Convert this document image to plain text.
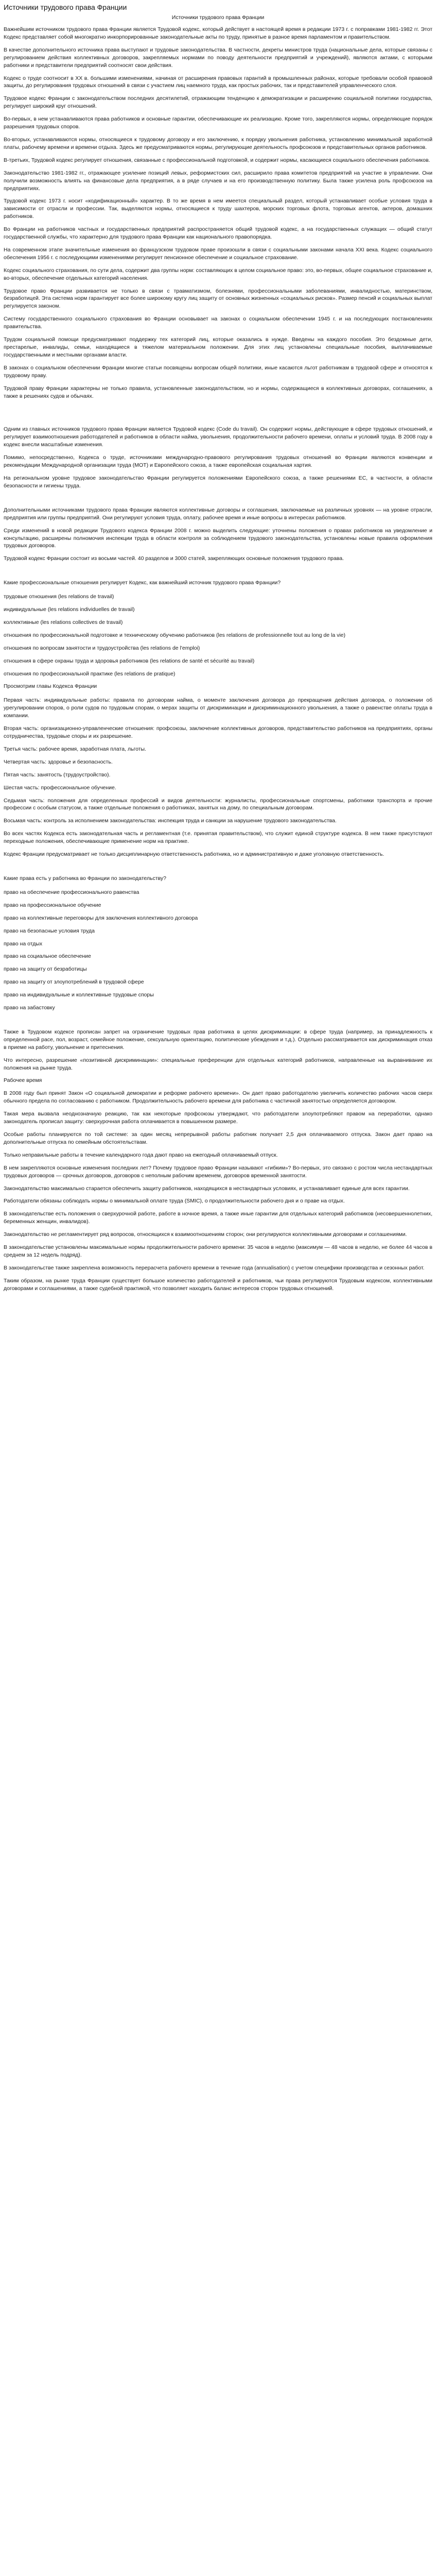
Источники трудового права Франции
Источники трудового права Франции
Важнейшим источником трудового права Франции является Трудовой кодекс, который действует в настоящей время в редакции 1973 г. с поправками 1981-1982 гг. Этот Кодекс представляет собой многократно инкорпорированные законодательные акты по труду, принятые в разное время парламентом и правительством.
В качестве дополнительного источника права выступают и трудовые законодательства. В частности, декреты министров труда (национальные дела, которые связаны с регулированием действия коллективных договоров, закрепляемых нормами по поводу деятельности предприятий и учреждений), являются актами, с которыми работники и представители предприятий соотносят свои действия.
Кодекс о труде соотносит в XX в. большими изменениями, начиная от расширения правовых гарантий в промышленных районах, которые требовали особой правовой защиты, до регулирования трудовых отношений в связи с участием лиц наемного труда, как простых рабочих, так и представителей управленческого слоя.
Трудовое кодекс Франции с законодательством последних десятилетий, отражающим тенденцию к демократизации и расширению социальной политики государства, регулирует широкий круг отношений.
Во-первых, в нем устанавливаются права работников и основные гарантии, обеспечивающие их реализацию. Кроме того, закрепляются нормы, определяющие порядок разрешения трудовых споров.
Во-вторых, устанавливаются нормы, относящиеся к трудовому договору и его заключению, к порядку увольнения работника, установлению минимальной заработной платы, рабочему времени и времени отдыха. Здесь же предусматриваются нормы, регулирующие деятельность профсоюзов и представительных органов работников.
В-третьих, Трудовой кодекс регулирует отношения, связанные с профессиональной подготовкой, и содержит нормы, касающиеся социального обеспечения работников.
Законодательство 1981-1982 гг., отражающее усиление позиций левых, реформистских сил, расширило права комитетов предприятий на участие в управлении. Они получили возможность влиять на финансовые дела предприятия, а в ряде случаев и на его производственную политику. Была также усилена роль профсоюзов на предприятиях.
Трудовой кодекс 1973 г. носит «кодификационный» характер. В то же время в нем имеется специальный раздел, который устанавливает особые условия труда в зависимости от отрасли и профессии. Так, выделяются нормы, относящиеся к труду шахтеров, морских торговых флота, торговых агентов, актеров, домашних работников.
Во Франции на работников частных и государственных предприятий распространяется общий трудовой кодекс, а на государственных служащих — общий статут государственной службы, что характерно для трудового права Франции как национального правопорядка.
На современном этапе значительные изменения во французском трудовом праве произошли в связи с социальными законами начала XXI века. Кодекс социального обеспечения 1956 г. с последующими изменениями регулирует пенсионное обеспечение и социальное страхование.
Кодекс социального страхования, по сути дела, содержит два группы норм: составляющих в целом социальное право: это, во-первых, общее социальное страхование и, во-вторых, обеспечение отдельных категорий населения.
Трудовое право Франции развивается не только в связи с травматизмом, болезнями, профессиональными заболеваниями, инвалидностью, материнством, безработицей. Эта система норм гарантирует все более широкому кругу лиц защиту от основных жизненных «социальных рисков». Размер пенсий и социальных выплат регулируется законом.
Систему государственного социального страхования во Франции основывает на законах о социальном обеспечении 1945 г. и на последующих постановлениях правительства.
Трудом социальной помощи предусматривают поддержку тех категорий лиц, которые оказались в нужде. Введены на каждого пособия. Это бездомные дети, престарелые, инвалиды, семьи, находящиеся в тяжелом материальном положении. Для этих лиц установлены специальные пособия, выплачиваемые государственными и местными органами власти.
В законах о социальном обеспечении Франции многие статьи посвящены вопросам общей политики, иные касаются льгот работникам в трудовой сфере и относятся к трудовому праву.
Трудовой праву Франции характерны не только правила, установленные законодательством, но и нормы, содержащиеся в коллективных договорах, соглашениях, а также в решениях судов и обычаях.
Одним из главных источников трудового права Франции является Трудовой кодекс (Code du travail). Он содержит нормы, действующие в сфере трудовых отношений, и регулирует взаимоотношения работодателей и работников в области найма, увольнения, продолжительности рабочего времени, оплаты и условий труда. В 2008 году в кодекс внесли масштабные изменения.
Помимо, непосредственно, Кодекса о труде, источниками международно-правового регулирования трудовых отношений во Франции являются конвенции и рекомендации Международной организации труда (МОТ) и Европейского союза, а также европейская социальная хартия.
На региональном уровне трудовое законодательство Франции регулируется положениями Европейского союза, а также решениями ЕС, в частности, в области безопасности и гигиены труда.
Дополнительными источниками трудового права Франции являются коллективные договоры и соглашения, заключаемые на различных уровнях — на уровне отрасли, предприятия или группы предприятий. Они регулируют условия труда, оплату, рабочее время и иные вопросы в интересах работников.
Среди изменений в новой редакции Трудового кодекса Франции 2008 г. можно выделить следующие: уточнены положения о правах работников на уведомление и консультацию, расширены полномочия инспекции труда в области контроля за соблюдением трудового законодательства, установлены новые правила оформления трудовых договоров.
Трудовой кодекс Франции состоит из восьми частей. 40 разделов и 3000 статей, закрепляющих основные положения трудового права.
Какие профессиональные отношения регулирует Кодекс, как важнейший источник трудового права Франции?
трудовые отношения (les relations de travail)
индивидуальные (les relations individuelles de travail)
коллективные (les relations collectives de travail)
отношения по профессиональной подготовке и техническому обучению работников (les relations de professionnelle tout au long de la vie)
отношения по вопросам занятости и трудоустройства (les relations de l'emploi)
отношения в сфере охраны труда и здоровья работников (les relations de santé et sécurité au travail)
отношения по профессиональной практике (les relations de pratique)
Просмотрим главы Кодекса Франции
Первая часть: индивидуальные работы: правила по договорам найма, о моменте заключения договора до прекращения действия договора, о положении об урегулировании споров, о роли судов по трудовым спорам, о мерах защиты от дискриминации и дискриминационного увольнения, а также о равенстве оплаты труда в компании.
Вторая часть: организационно-управленческие отношения: профсоюзы, заключение коллективных договоров, представительство работников на предприятиях, органы сотрудничества, трудовые споры и их разрешение.
Третья часть: рабочее время, заработная плата, льготы.
Четвертая часть: здоровье и безопасность.
Пятая часть: занятость (трудоустройство).
Шестая часть: профессиональное обучение.
Седьмая часть: положения для определенных профессий и видов деятельности: журналисты, профессиональные спортсмены, работники транспорта и прочие профессии с особым статусом, а также отдельные положения о работниках, занятых на дому, по специальным договорам.
Восьмая часть: контроль за исполнением законодательства: инспекция труда и санкции за нарушение трудового законодательства.
Во всех частях Кодекса есть законодательная часть и регламентная (т.е. принятая правительством), что служит единой структуре кодекса. В нем также присутствуют переходные положения, обеспечивающие применение норм на практике.
Кодекс Франции предусматривает не только дисциплинарную ответственность работника, но и административную и даже уголовную ответственность.
Какие права есть у работника во Франции по законодательству?
право на обеспечение профессионального равенства
право на профессиональное обучение
право на коллективные переговоры для заключения коллективного договора
право на безопасные условия труда
право на отдых
право на социальное обеспечение
право на защиту от безработицы
право на защиту от злоупотреблений в трудовой сфере
право на индивидуальные и коллективные трудовые споры
право на забастовку
Также в Трудовом кодексе прописан запрет на ограничение трудовых прав работника в целях дискриминации: в сфере труда (например, за принадлежность к определенной расе, пол, возраст, семейное положение, сексуальную ориентацию, политические убеждения и т.д.). Отдельно рассматривается как дискриминация отказ в приеме на работу, увольнение и притеснения.
Что интересно, разрешение «позитивной дискриминации»: специальные преференции для отдельных категорий работников, направленные на выравнивание их положения на рынке труда.
Рабочее время
В 2008 году был принят Закон «О социальной демократии и реформе рабочего времени». Он дает право работодателю увеличить количество рабочих часов сверх обычного предела по согласованию с работником. Продолжительность рабочего времени для работника с частичной занятостью определяется договором.
Такая мера вызвала неоднозначную реакцию, так как некоторые профсоюзы утверждают, что работодатели злоупотребляют правом на переработки, однако законодатель прописал защиту: сверхурочная работа оплачивается в повышенном размере.
Особые работы планируются по той системе: за один месяц непрерывной работы работник получает 2,5 дня оплачиваемого отпуска. Закон дает право на дополнительные отпуска по семейным обстоятельствам.
Только неправильные работы в течение календарного года дают право на ежегодный оплачиваемый отпуск.
В нем закрепляются основные изменения последних лет? Почему трудовое право Франции называют «гибким»? Во-первых, это связано с ростом числа нестандартных трудовых договоров — срочных договоров, договоров с неполным рабочим временем, договоров временной занятости.
Законодательство максимально старается обеспечить защиту работников, находящихся в нестандартных условиях, и устанавливает единые для всех гарантии.
Работодатели обязаны соблюдать нормы о минимальной оплате труда (SMIC), о продолжительности рабочего дня и о праве на отдых.
В законодательстве есть положения о сверхурочной работе, работе в ночное время, а также иные гарантии для отдельных категорий работников (несовершеннолетних, беременных женщин, инвалидов).
Законодательство не регламентирует ряд вопросов, относящихся к взаимоотношениям сторон; они регулируются коллективными договорами и соглашениями.
В законодательстве установлены максимальные нормы продолжительности рабочего времени: 35 часов в неделю (максимум — 48 часов в неделю, не более 44 часов в среднем за 12 недель подряд).
В законодательстве также закреплена возможность перерасчета рабочего времени в течение года (annualisation) с учетом специфики производства и сезонных работ.
Таким образом, на рынке труда Франции существует большое количество работодателей и работников, чьи права регулируются Трудовым кодексом, коллективными договорами и соглашениями, а также судебной практикой, что позволяет находить баланс интересов сторон трудовых отношений.
